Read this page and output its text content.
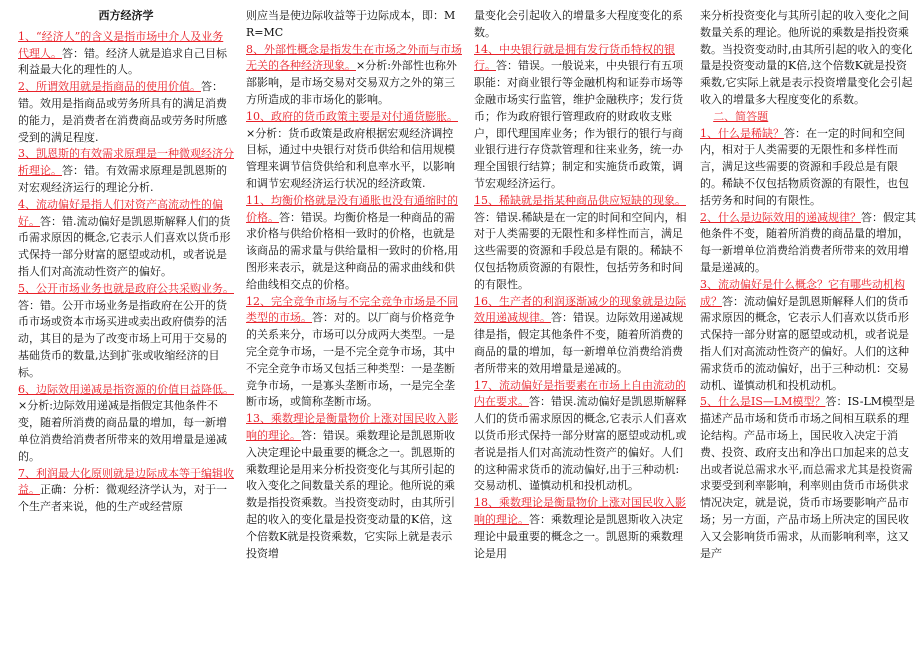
西方经济学

1、“经济人”的含义是指市场中介人及业务代理人。答：错。经济人就是追求自己目标利益最大化的理性的人。

2、所谓效用就是指商品的使用价值。答：错。效用是指商品或劳务所具有的满足消费的能力，是消费者在消费商品或劳务时所感受到的满足程度.

3、凯恩斯的有效需求原理是一种微观经济分析理论。答：错。有效需求原理是凯恩斯的对宏观经济运行的理论分析.

4、流动偏好是指人们对资产高流动性的偏好。答：错.流动偏好是凯恩斯解释人们的货币需求原因的概念,它表示人们喜欢以货币形式保持一部分财富的愿望或动机，或者说是指人们对高流动性资产的偏好。

5、公开市场业务也就是政府公共采购业务。答：错。公开市场业务是指政府在公开的货币市场或资本市场买进或卖出政府债券的活动，其目的是为了改变市场上可用于交易的基础货币的数量,达到扩张或收缩经济的目标。

6、边际效用递减是指资源的价值日益降低。×分析:边际效用递减是指假定其他条件不变，随着所消费的商品量的增加，每一新增单位消费给消费者所带来的效用增量是递减的。

7、利润最大化原则就是边际成本等于编辑收益。正确：分析：微观经济学认为，对于一个生产者来说，他的生产或经营原

则应当是使边际收益等于边际成本，即：MR=MC

8、外部性概念是指发生在市场之外而与市场无关的各种经济现象。×分析:外部性也称外部影响，是市场交易对交易双方之外的第三方所造成的非市场化的影响。

10、政府的货币政策主要是对付通货膨胀。×分析：货币政策是政府根据宏观经济调控目标，通过中央银行对货币供给和信用规模管理来调节信贷供给和利息率水平，以影响和调节宏观经济运行状况的经济政策.

11、均衡价格就是没有通胀也没有通缩时的价格。答：错误。均衡价格是一种商品的需求价格与供给价格相一致时的价格，也就是该商品的需求量与供给量相一致时的价格,用图形来表示，就是这种商品的需求曲线和供给曲线相交点的价格。

12、完全竞争市场与不完全竞争市场是不同类型的市场。答：对的。以厂商与价格竞争的关系来分，市场可以分成两大类型。一是完全竞争市场，一是不完全竞争市场，其中不完全竞争市场又包括三种类型：一是垄断竞争市场，一是寡头垄断市场，一是完全垄断市场，或简称垄断市场。

13、乘数理论是衡量物价上涨对国民收入影响的理论。答：错误。乘数理论是凯恩斯收入决定理论中最重要的概念之一。凯恩斯的乘数理论是用来分析投资变化与其所引起的收入变化之间数量关系的理论。他所说的乘数是指投资乘数。当投资变动时，由其所引起的收入的变化量是投资变动量的K倍，这个倍数K就是投资乘数，它实际上就是表示投资增

量变化会引起收入的增量多大程度变化的系数。

14、中央银行就是拥有发行货币特权的银行。答：错误。一般说来，中央银行有五项职能：对商业银行等金融机构和证券市场等金融市场实行监管，维护金融秩序；发行货币；作为政府银行管理政府的财政收支账户，即代理国库业务；作为银行的银行与商业银行进行存贷款管理和往来业务，统一办理全国银行结算；制定和实施货币政策，调节宏观经济运行。

15、稀缺就是指某种商品供应短缺的现象。答：错误.稀缺是在一定的时间和空间内，相对于人类需要的无限性和多样性而言，满足这些需要的资源和手段总是有限的。稀缺不仅包括物质资源的有限性，包括劳务和时间的有限性。

16、生产者的利润逐渐减少的现象就是边际效用递减规律。答：错误。边际效用递减规律是指，假定其他条件不变，随着所消费的商品的量的增加，每一新增单位消费给消费者所带来的效用增量是递减的。

17、流动偏好是指要素在市场上自由流动的内在要求。答：错误.流动偏好是凯恩斯解释人们的货币需求原因的概念,它表示人们喜欢以货币形式保持一部分财富的愿望或动机,或者说是指人们对高流动性资产的偏好。人们的这种需求货币的流动偏好,出于三种动机:交易动机、谨慎动机和投机动机。

18、乘数理论是衡量物价上涨对国民收入影响的理论。答：乘数理论是凯恩斯收入决定理论中最重要的概念之一。凯恩斯的乘数理论是用

来分析投资变化与其所引起的收入变化之间数量关系的理论。他所说的乘数是指投资乘数。当投资变动时,由其所引起的收入的变化量是投资变动量的K倍,这个倍数K就是投资乘数,它实际上就是表示投资增量变化会引起收入的增量多大程度变化的系数。

二、简答题

1、什么是稀缺？答：在一定的时间和空间内，相对于人类需要的无限性和多样性而言，满足这些需要的资源和手段总是有限的。稀缺不仅包括物质资源的有限性，也包括劳务和时间的有限性。

2、什么是边际效用的递减规律？答：假定其他条件不变，随着所消费的商品量的增加，每一新增单位消费给消费者所带来的效用增量是递减的。

3、流动偏好是什么概念？它有哪些动机构成？答：流动偏好是凯恩斯解释人们的货币需求原因的概念，它表示人们喜欢以货币形式保持一部分财富的愿望或动机，或者说是指人们对高流动性资产的偏好。人们的这种需求货币的流动偏好，出于三种动机：交易动机、谨慎动机和投机动机。

5、什么是IS—LM模型？答：IS-LM模型是描述产品市场和货币市场之间相互联系的理论结构。产品市场上，国民收入决定于消费、投资、政府支出和净出口加起来的总支出或者说总需求水平,而总需求尤其是投资需求要受到利率影响，利率则由货币市场供求情况决定，就是说，货币市场要影响产品市场；另一方面，产品市场上所决定的国民收入又会影响货币需求，从而影响利率，这又是产
